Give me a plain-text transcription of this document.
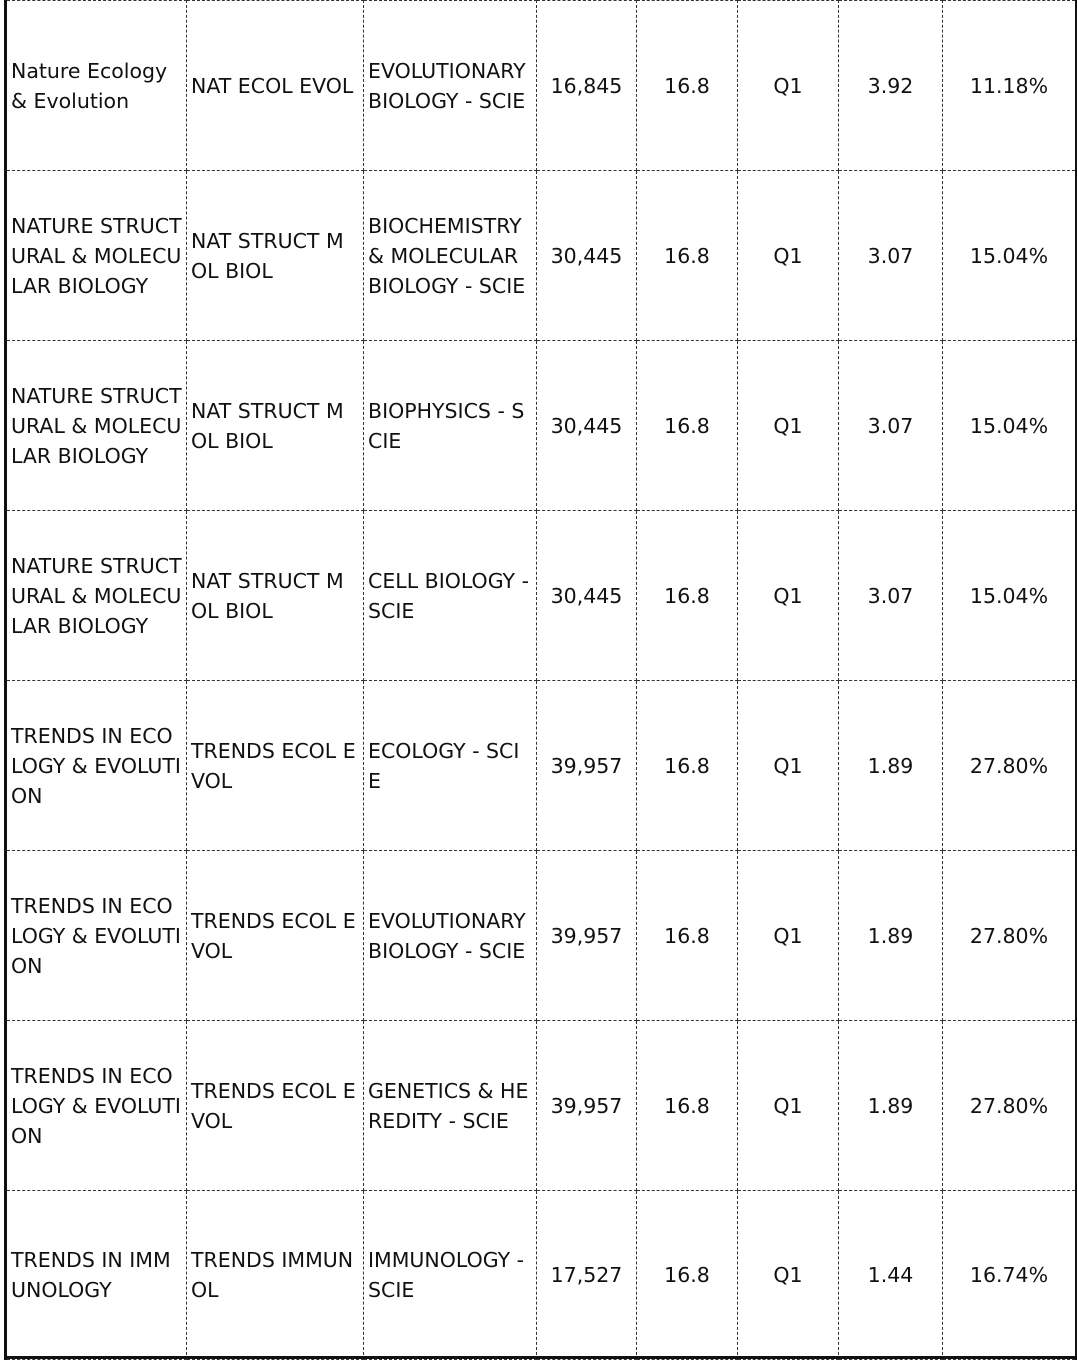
Nature Ecology & Evolution	NAT ECOL EVOL	EVOLUTIONARY BIOLOGY - SCIE	16,845	16.8	Q1	3.92	11.18%
NATURE STRUCTURAL & MOLECULAR BIOLOGY	NAT STRUCT MOL BIOL	BIOCHEMISTRY & MOLECULAR BIOLOGY - SCIE	30,445	16.8	Q1	3.07	15.04%
NATURE STRUCTURAL & MOLECULAR BIOLOGY	NAT STRUCT MOL BIOL	BIOPHYSICS - SCIE	30,445	16.8	Q1	3.07	15.04%
NATURE STRUCTURAL & MOLECULAR BIOLOGY	NAT STRUCT MOL BIOL	CELL BIOLOGY - SCIE	30,445	16.8	Q1	3.07	15.04%
TRENDS IN ECOLOGY & EVOLUTION	TRENDS ECOL EVOL	ECOLOGY - SCIE	39,957	16.8	Q1	1.89	27.80%
TRENDS IN ECOLOGY & EVOLUTION	TRENDS ECOL EVOL	EVOLUTIONARY BIOLOGY - SCIE	39,957	16.8	Q1	1.89	27.80%
TRENDS IN ECOLOGY & EVOLUTION	TRENDS ECOL EVOL	GENETICS & HEREDITY - SCIE	39,957	16.8	Q1	1.89	27.80%
TRENDS IN IMMUNOLOGY	TRENDS IMMUNOL	IMMUNOLOGY - SCIE	17,527	16.8	Q1	1.44	16.74%
